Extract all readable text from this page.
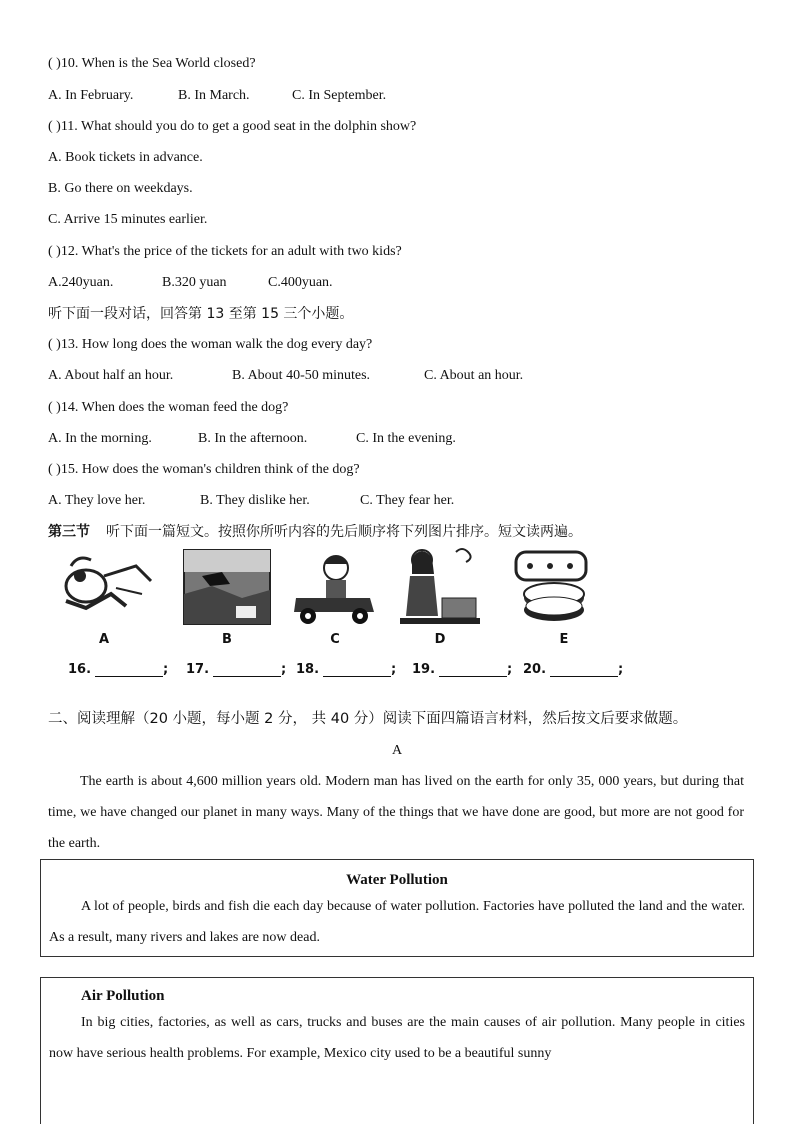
( )10. When is the Sea World closed?
A. In February.	B. In March.	C. In September.
( )11. What should you do to get a good seat in the dolphin show?
A. Book tickets in advance.
B. Go there on weekdays.
C. Arrive 15 minutes earlier.
( )12. What's the price of the tickets for an adult with two kids?
A.240yuan.	B.320 yuan	C.400yuan.
听下面一段对话，回答第 13 至第 15 三个小题。
( )13. How long does the woman walk the dog every day?
A. About half an hour.	B. About 40-50 minutes.	C. About an hour.
( )14. When does the woman feed the dog?
A. In the morning.	B. In the afternoon.	C. In the evening.
( )15. How does the woman's children think of the dog?
A. They love her.	B. They dislike her.	C. They fear her.
第三节 听下面一篇短文。按照你所听内容的先后顺序将下列图片排序。短文读两遍。
A	B	C	D	E
16.	; 17.	; 18.	; 19.	; 20.	;
二、阅读理解（20 小题，每小题 2 分， 共 40 分）阅读下面四篇语言材料，然后按文后要求做题。
A
The earth is about 4,600 million years old. Modern man has lived on the earth for only 35, 000 years, but during that time, we have changed our planet in many ways. Many of the things that we have done are good, but more are not good for the earth.
Water Pollution
A lot of people, birds and fish die each day because of water pollution. Factories have polluted the land and the water. As a result, many rivers and lakes are now dead.
Air Pollution
In big cities, factories, as well as cars, trucks and buses are the main causes of air pollution. Many people in cities now have serious health problems. For example, Mexico city used to be a beautiful sunny
